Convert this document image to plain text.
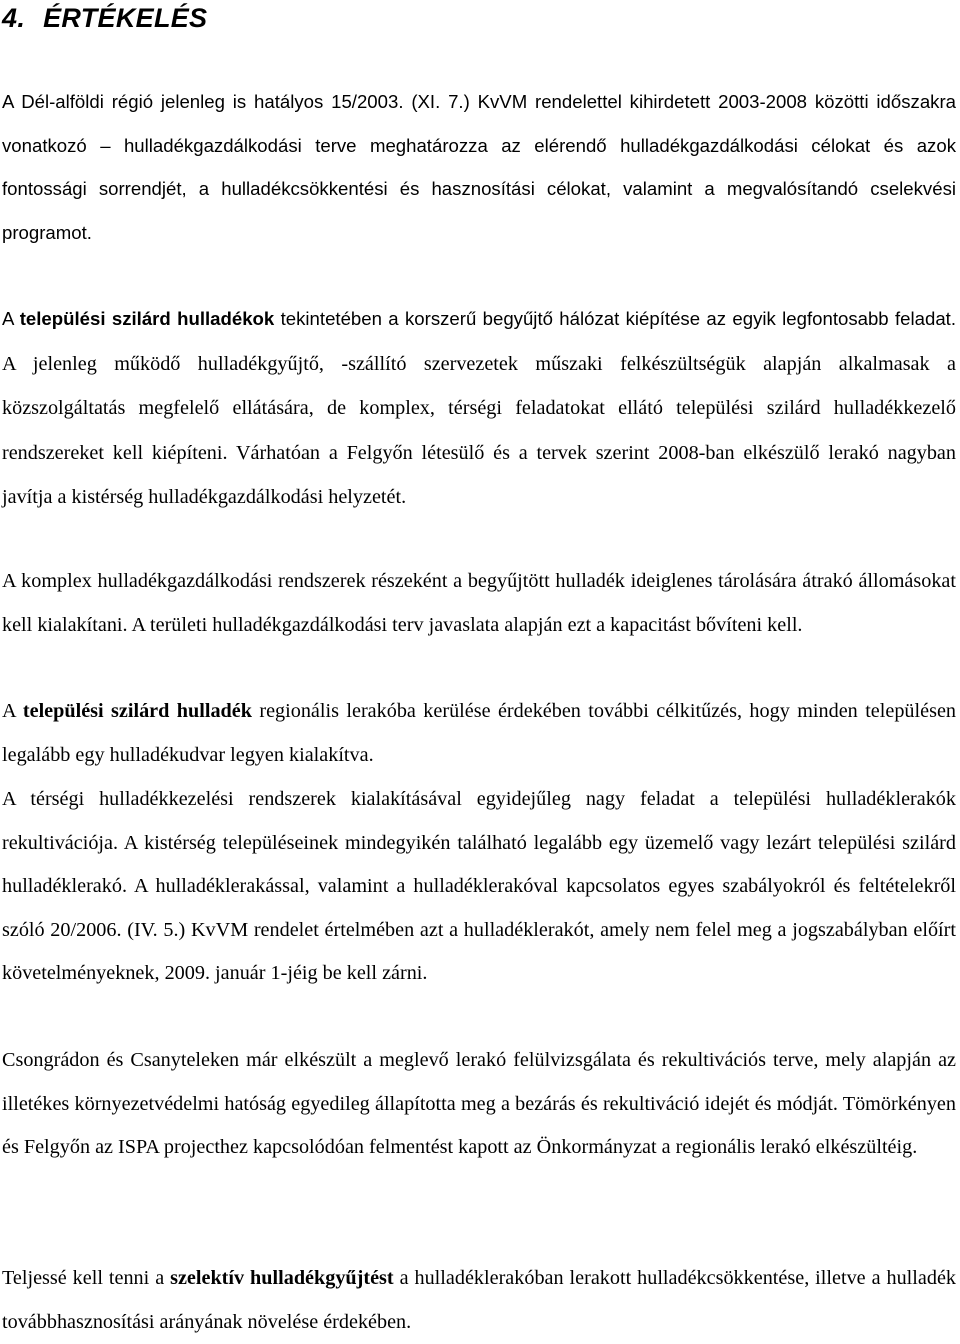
4. ÉRTÉKELÉS

A Dél-alföldi régió jelenleg is hatályos 15/2003. (XI. 7.) KvVM rendelettel kihirdetett 2003-2008 közötti időszakra vonatkozó – hulladékgazdálkodási terve meghatározza az elérendő hulladékgazdálkodási célokat és azok fontossági sorrendjét, a hulladékcsökkentési és hasznosítási célokat, valamint a megvalósítandó cselekvési programot.

A települési szilárd hulladékok tekintetében a korszerű begyűjtő hálózat kiépítése az egyik legfontosabb feladat. A jelenleg működő hulladékgyűjtő, -szállító szervezetek műszaki felkészültségük alapján alkalmasak a közszolgáltatás megfelelő ellátására, de komplex, térségi feladatokat ellátó települési szilárd hulladékkezelő rendszereket kell kiépíteni. Várhatóan a Felgyőn létesülő és a tervek szerint 2008-ban elkészülő lerakó nagyban javítja a kistérség hulladékgazdálkodási helyzetét.

A komplex hulladékgazdálkodási rendszerek részeként a begyűjtött hulladék ideiglenes tárolására átrakó állomásokat kell kialakítani. A területi hulladékgazdálkodási terv javaslata alapján ezt a kapacitást bővíteni kell.

A települési szilárd hulladék regionális lerakóba kerülése érdekében további célkitűzés, hogy minden településen legalább egy hulladékudvar legyen kialakítva.

A térségi hulladékkezelési rendszerek kialakításával egyidejűleg nagy feladat a települési hulladéklerakók rekultivációja. A kistérség településeinek mindegyikén található legalább egy üzemelő vagy lezárt települési szilárd hulladéklerakó. A hulladéklerakással, valamint a hulladéklerakóval kapcsolatos egyes szabályokról és feltételekről szóló 20/2006. (IV. 5.) KvVM rendelet értelmében azt a hulladéklerakót, amely nem felel meg a jogszabályban előírt követelményeknek, 2009. január 1-jéig be kell zárni.

Csongrádon és Csanyteleken már elkészült a meglevő lerakó felülvizsgálata és rekultivációs terve, mely alapján az illetékes környezetvédelmi hatóság egyedileg állapította meg a bezárás és rekultiváció idejét és módját. Tömörkényen és Felgyőn az ISPA projecthez kapcsolódóan felmentést kapott az Önkormányzat a regionális lerakó elkészültéig.

Teljessé kell tenni a szelektív hulladékgyűjtést a hulladéklerakóban lerakott hulladékcsökkentése, illetve a hulladék továbbhasznosítási arányának növelése érdekében.
